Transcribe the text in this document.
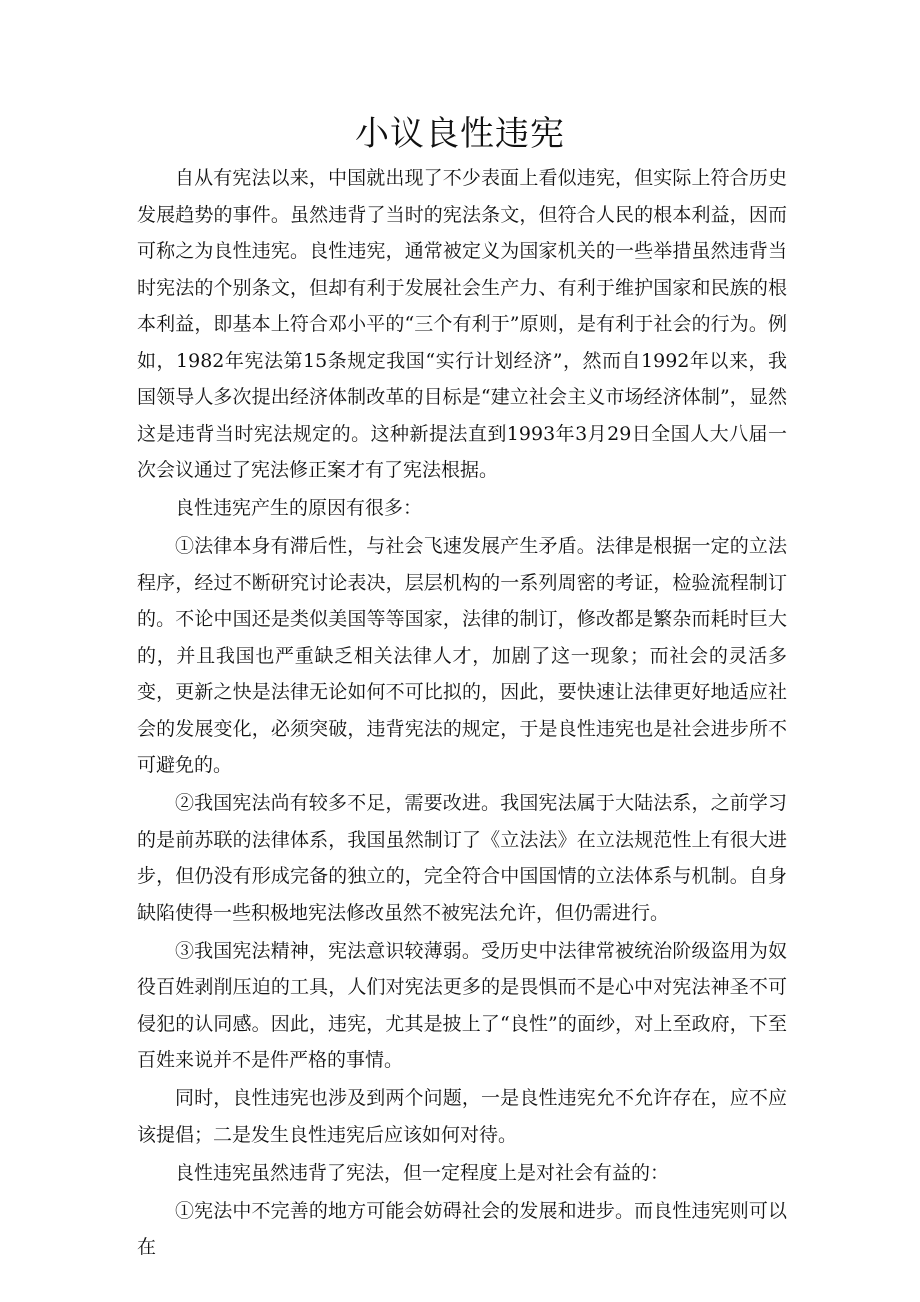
小议良性违宪

自从有宪法以来，中国就出现了不少表面上看似违宪，但实际上符合历史发展趋势的事件。虽然违背了当时的宪法条文，但符合人民的根本利益，因而可称之为良性违宪。良性违宪，通常被定义为国家机关的一些举措虽然违背当时宪法的个别条文，但却有利于发展社会生产力、有利于维护国家和民族的根本利益，即基本上符合邓小平的“三个有利于”原则，是有利于社会的行为。例如，1982年宪法第15条规定我国“实行计划经济”，然而自1992年以来，我国领导人多次提出经济体制改革的目标是“建立社会主义市场经济体制”，显然这是违背当时宪法规定的。这种新提法直到1993年3月29日全国人大八届一次会议通过了宪法修正案才有了宪法根据。

良性违宪产生的原因有很多：

①法律本身有滞后性，与社会飞速发展产生矛盾。法律是根据一定的立法程序，经过不断研究讨论表决，层层机构的一系列周密的考证，检验流程制订的。不论中国还是类似美国等等国家，法律的制订，修改都是繁杂而耗时巨大的，并且我国也严重缺乏相关法律人才，加剧了这一现象；而社会的灵活多变，更新之快是法律无论如何不可比拟的，因此，要快速让法律更好地适应社会的发展变化，必须突破，违背宪法的规定，于是良性违宪也是社会进步所不可避免的。

②我国宪法尚有较多不足，需要改进。我国宪法属于大陆法系，之前学习的是前苏联的法律体系，我国虽然制订了《立法法》在立法规范性上有很大进步，但仍没有形成完备的独立的，完全符合中国国情的立法体系与机制。自身缺陷使得一些积极地宪法修改虽然不被宪法允许，但仍需进行。

③我国宪法精神，宪法意识较薄弱。受历史中法律常被统治阶级盗用为奴役百姓剥削压迫的工具，人们对宪法更多的是畏惧而不是心中对宪法神圣不可侵犯的认同感。因此，违宪，尤其是披上了“良性”的面纱，对上至政府，下至百姓来说并不是件严格的事情。

同时，良性违宪也涉及到两个问题，一是良性违宪允不允许存在，应不应该提倡；二是发生良性违宪后应该如何对待。

良性违宪虽然违背了宪法，但一定程度上是对社会有益的：

①宪法中不完善的地方可能会妨碍社会的发展和进步。而良性违宪则可以在
